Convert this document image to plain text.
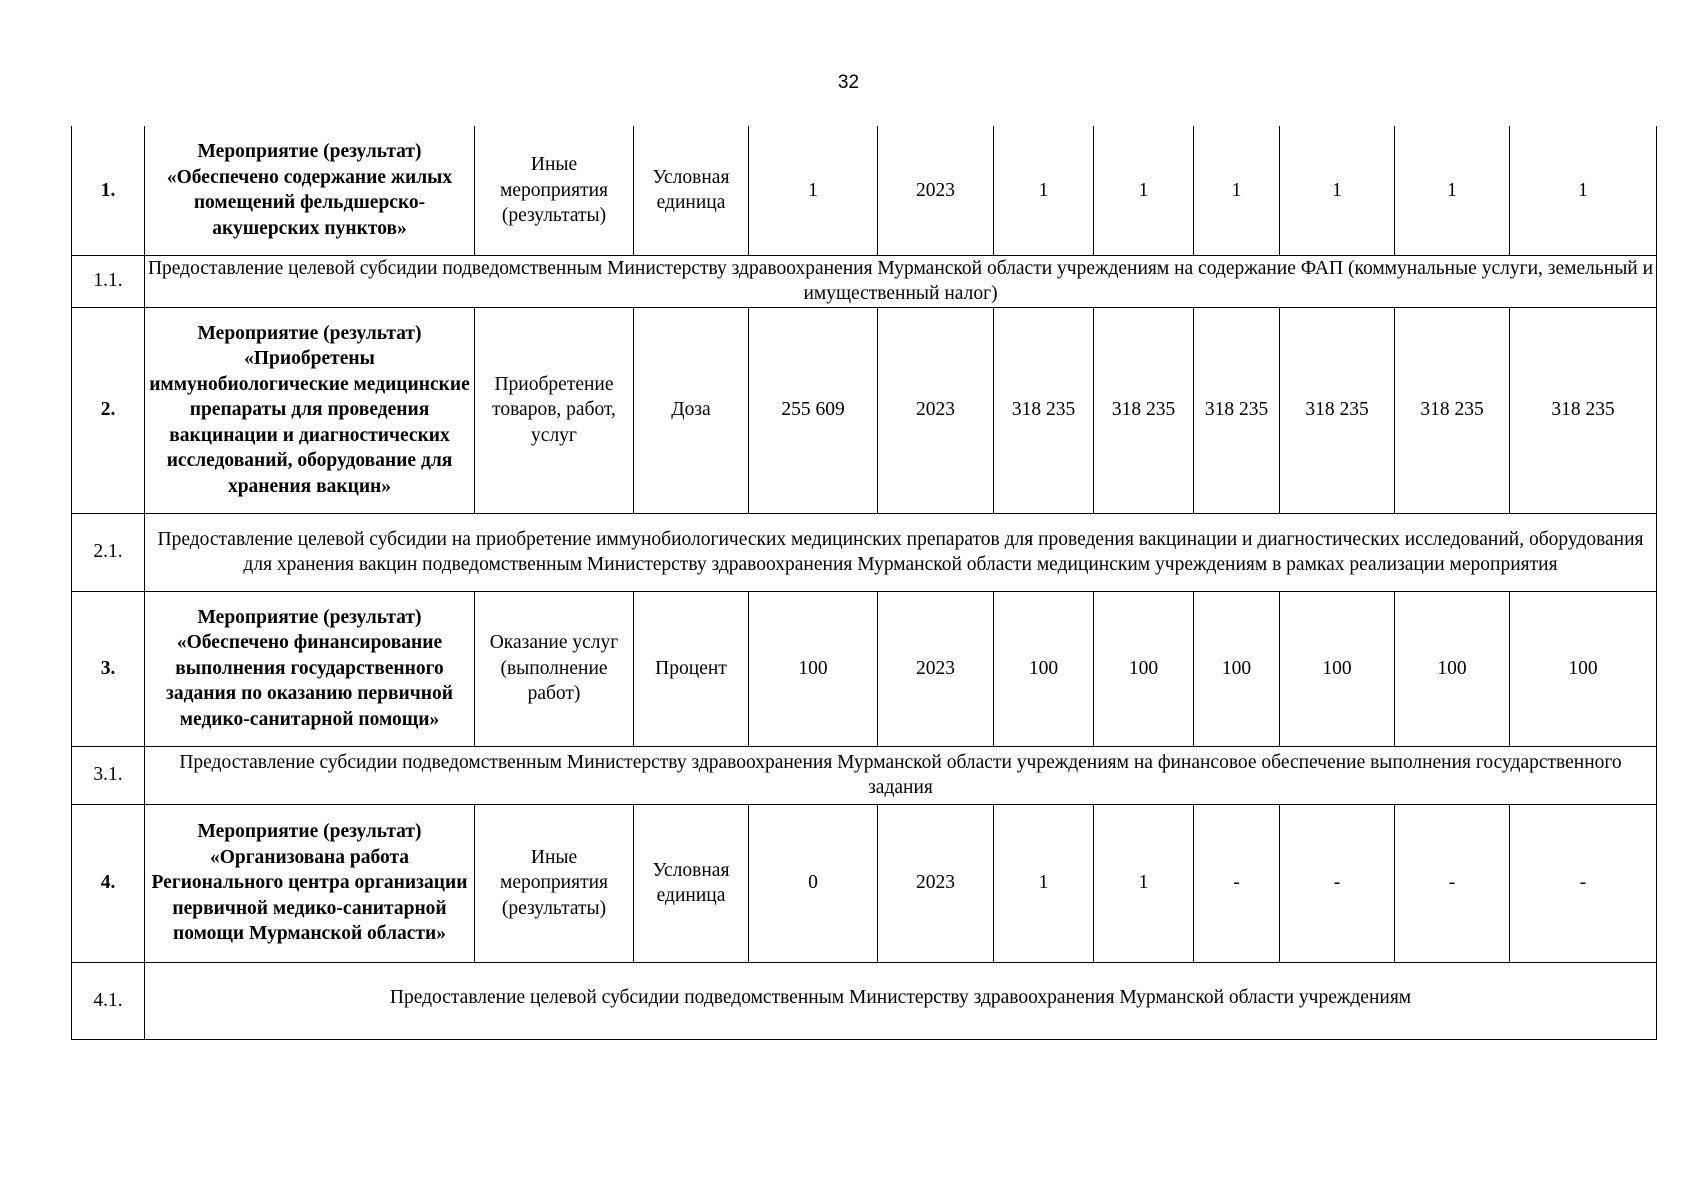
32
1.	Мероприятие (результат) «Обеспечено содержание жилых помещений фельдшерско-акушерских пунктов»	Иные мероприятия (результаты)	Условная единица	1	2023	1	1	1	1	1	1
1.1.	Предоставление целевой субсидии подведомственным Министерству здравоохранения Мурманской области учреждениям на содержание ФАП (коммунальные услуги, земельный и имущественный налог)										
2.	Мероприятие (результат) «Приобретены иммунобиологические медицинские препараты для проведения вакцинации и диагностических исследований, оборудование для хранения вакцин»	Приобретение товаров, работ, услуг	Доза	255 609	2023	318 235	318 235	318 235	318 235	318 235	318 235
2.1.	Предоставление целевой субсидии на приобретение иммунобиологических медицинских препаратов для проведения вакцинации и диагностических исследований, оборудования для хранения вакцин подведомственным Министерству здравоохранения Мурманской области медицинским учреждениям в рамках реализации мероприятия										
3.	Мероприятие (результат) «Обеспечено финансирование выполнения государственного задания по оказанию первичной медико-санитарной помощи»	Оказание услуг (выполнение работ)	Процент	100	2023	100	100	100	100	100	100
3.1.	Предоставление субсидии подведомственным Министерству здравоохранения Мурманской области учреждениям на финансовое обеспечение выполнения государственного задания										
4.	Мероприятие (результат) «Организована работа Регионального центра организации первичной медико-санитарной помощи Мурманской области»	Иные мероприятия (результаты)	Условная единица	0	2023	1	1	-	-	-	-
4.1.	Предоставление целевой субсидии подведомственным Министерству здравоохранения Мурманской области учреждениям										
